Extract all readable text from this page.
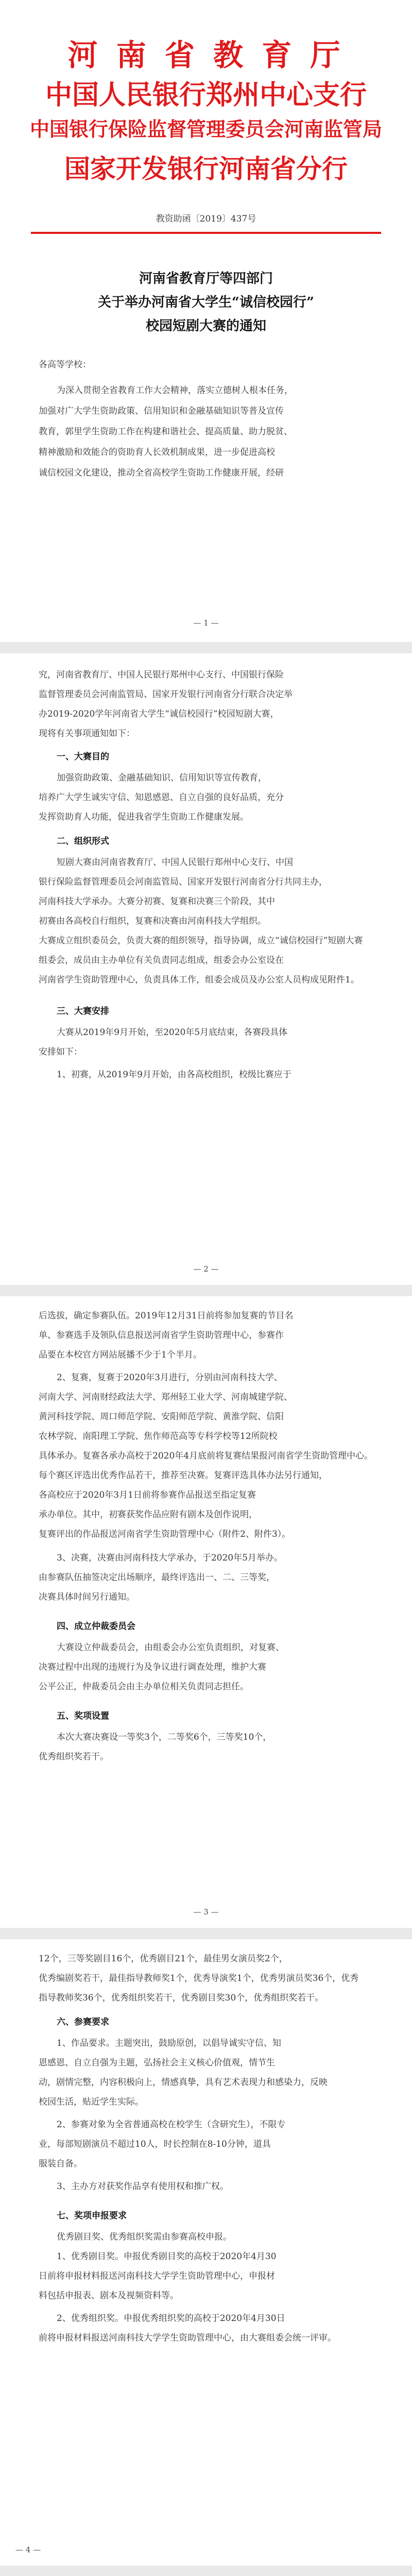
河 南 省 教 育 厅
中国人民银行郑州中心支行
中国银行保险监督管理委员会河南监管局
国家开发银行河南省分行
教资助函〔2019〕437号
河南省教育厅等四部门
关于举办河南省大学生“诚信校园行”
校园短剧大赛的通知
各高等学校：
为深入贯彻全省教育工作大会精神，落实立德树人根本任务，
加强对广大学生资助政策、信用知识和金融基础知识等普及宣传
教育，郭里学生资助工作在构建和谐社会、提高质量、助力脱贫、
精神激励和效能合的资助育人长效机制成果，进一步促进高校
诚信校园文化建设，推动全省高校学生资助工作健康开展，经研
— 1 —
究，河南省教育厅、中国人民银行郑州中心支行、中国银行保险
监督管理委员会河南监管局、国家开发银行河南省分行联合决定举
办2019-2020学年河南省大学生“诚信校园行”校园短剧大赛，
现将有关事项通知如下：
一、大赛目的
加强资助政策、金融基础知识、信用知识等宣传教育，
培养广大学生诚实守信、知恩感恩、自立自强的良好品质，充分
发挥资助育人功能，促进我省学生资助工作健康发展。
二、组织形式
短剧大赛由河南省教育厅、中国人民银行郑州中心支行、中国
银行保险监督管理委员会河南监管局、国家开发银行河南省分行共同主办，
河南科技大学承办。大赛分初赛、复赛和决赛三个阶段，其中
初赛由各高校自行组织，复赛和决赛由河南科技大学组织。
大赛成立组织委员会，负责大赛的组织领导，指导协调，成立“诚信校园行”短剧大赛
组委会，成员由主办单位有关负责同志组成，组委会办公室设在
河南省学生资助管理中心，负责具体工作，组委会成员及办公室人员构成见附件1。
三、大赛安排
大赛从2019年9月开始，至2020年5月底结束，各赛段具体
安排如下：
1、初赛，从2019年9月开始，由各高校组织，校级比赛应于
— 2 —
后选拔，确定参赛队伍。2019年12月31日前将参加复赛的节目名
单、参赛选手及领队信息报送河南省学生资助管理中心，参赛作
品要在本校官方网站展播不少于1个半月。
2、复赛，复赛于2020年3月进行，分别由河南科技大学、
河南大学、河南财经政法大学、郑州轻工业大学、河南城建学院、
黄河科技学院、周口师范学院、安阳师范学院、黄淮学院、信阳
农林学院、南阳理工学院、焦作师范高等专科学校等12所院校
具体承办。复赛各承办高校于2020年4月底前将复赛结果报河南省学生资助管理中心。
每个赛区评选出优秀作品若干，推荐至决赛。复赛评选具体办法另行通知，
各高校应于2020年3月1日前将参赛作品报送至指定复赛
承办单位。其中，初赛获奖作品应附有剧本及创作说明，
复赛评出的作品报送河南省学生资助管理中心（附件2、附件3）。
3、决赛，决赛由河南科技大学承办，于2020年5月举办。
由参赛队伍抽签决定出场顺序，最终评选出一、二、三等奖，
决赛具体时间另行通知。
四、成立仲裁委员会
大赛设立仲裁委员会，由组委会办公室负责组织，对复赛、
决赛过程中出现的违规行为及争议进行调查处理，维护大赛
公平公正，仲裁委员会由主办单位相关负责同志担任。
五、奖项设置
本次大赛决赛设一等奖3个，二等奖6个，三等奖10个，
优秀组织奖若干。
— 3 —
12个，三等奖剧目16个，优秀剧目21个，最佳男女演员奖2个，
优秀编剧奖若干，最佳指导教师奖1个，优秀导演奖1个，优秀男演员奖36个，优秀
指导教师奖36个，优秀组织奖若干，优秀剧目奖30个，优秀组织奖若干。
六、参赛要求
1、作品要求。主题突出，鼓励原创，以倡导诚实守信、知
恩感恩、自立自强为主题，弘扬社会主义核心价值观，情节生
动，剧情完整，内容积极向上，情感真挚，具有艺术表现力和感染力，反映
校园生活，贴近学生实际。
2、参赛对象为全省普通高校在校学生（含研究生），不限专
业，每部短剧演员不超过10人，时长控制在8-10分钟，道具
服装自备。
3、主办方对获奖作品享有使用权和推广权。
七、奖项申报要求
优秀剧目奖、优秀组织奖需由参赛高校申报。
1、优秀剧目奖。申报优秀剧目奖的高校于2020年4月30
日前将申报材料报送河南科技大学学生资助管理中心，申报材
料包括申报表、剧本及视频资料等。
2、优秀组织奖。申报优秀组织奖的高校于2020年4月30日
前将申报材料报送河南科技大学学生资助管理中心，由大赛组委会统一评审。
— 4 —
